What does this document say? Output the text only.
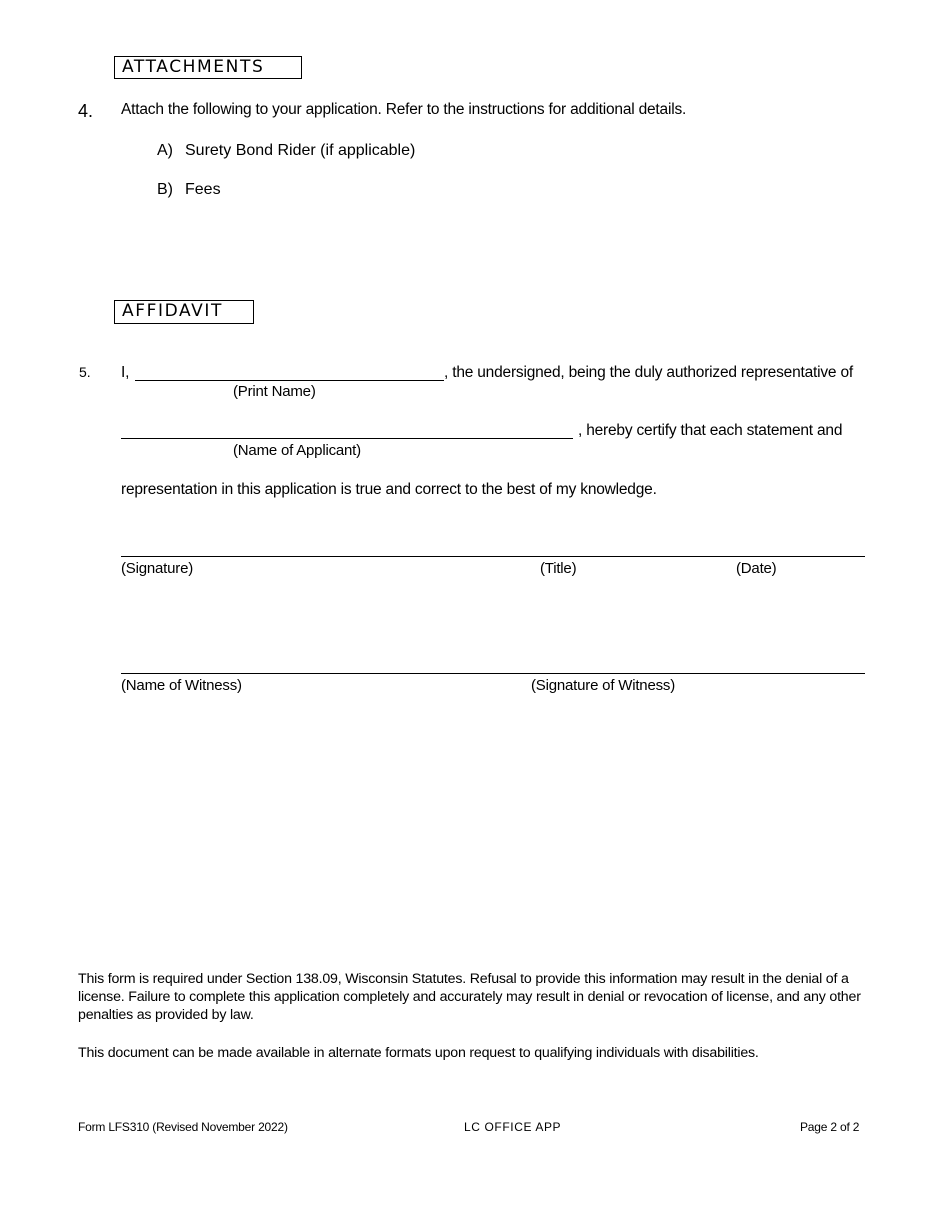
ATTACHMENTS
4. Attach the following to your application. Refer to the instructions for additional details.
A) Surety Bond Rider (if applicable)
B) Fees
AFFIDAVIT
5. I,	, the undersigned, being the duly authorized representative of
(Print Name)
, hereby certify that each statement and
(Name of Applicant)
representation in this application is true and correct to the best of my knowledge.
(Signature)	(Title)	(Date)
(Name of Witness)	(Signature of Witness)
This form is required under Section 138.09, Wisconsin Statutes. Refusal to provide this information may result in the denial of a license. Failure to complete this application completely and accurately may result in denial or revocation of license, and any other penalties as provided by law.
This document can be made available in alternate formats upon request to qualifying individuals with disabilities.
Form LFS310 (Revised November 2022)	LC OFFICE APP	Page 2 of 2
